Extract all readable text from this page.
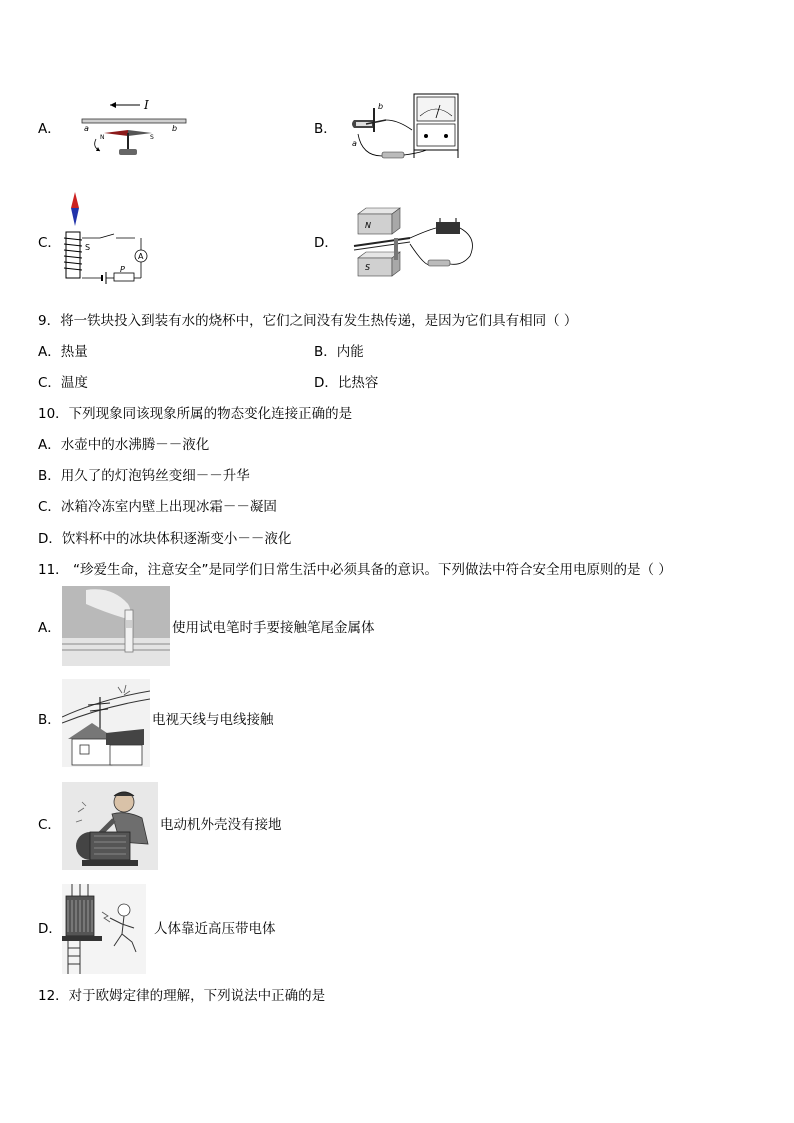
A．
I
a	b
N	S
B．
b
a
C．	S
A
P
D．
N
S
9．将一铁块投入到装有水的烧杯中，它们之间没有发生热传递，是因为它们具有相同（ ）
A．热量	B．内能
C．温度	D．比热容
10．下列现象同该现象所属的物态变化连接正确的是
A．水壶中的水沸腾－－液化
B．用久了的灯泡钨丝变细－－升华
C．冰箱冷冻室内壁上出现冰霜－－凝固
D．饮料杯中的冰块体积逐渐变小－－液化
11． “珍爱生命，注意安全”是同学们日常生活中必须具备的意识。下列做法中符合安全用电原则的是（ ）
A．	使用试电笔时手要接触笔尾金属体
B．	电视天线与电线接触
C．	电动机外壳没有接地
D．	人体靠近高压带电体
12．对于欧姆定律的理解，下列说法中正确的是
